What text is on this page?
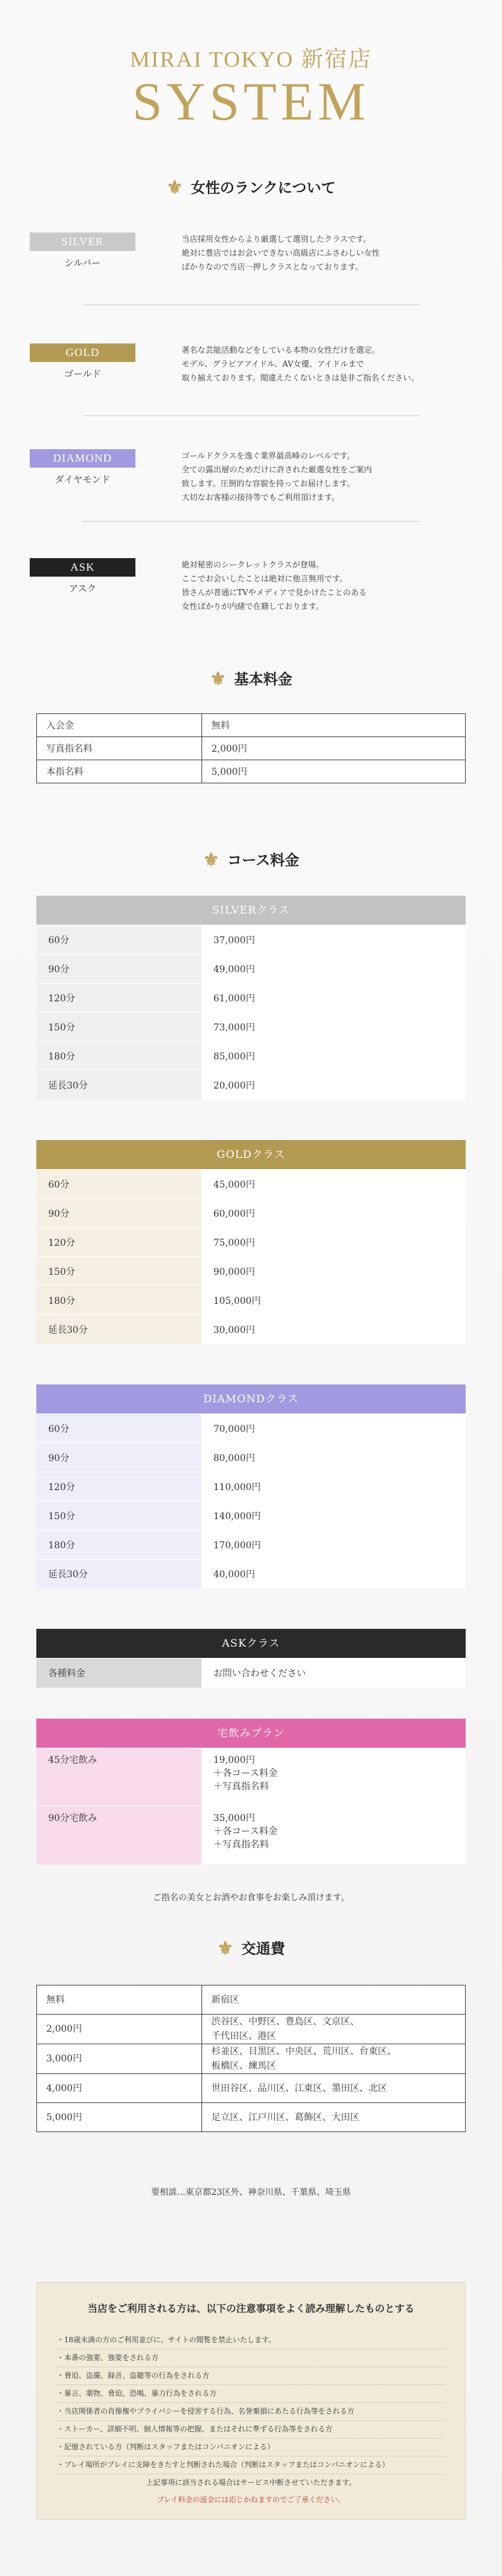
MIRAI TOKYO 新宿店
SYSTEM
⚜ 女性のランクについて
SILVER
シルバー
当店採用女性からより厳選して選別したクラスです。
絶対に豊店ではお会いできない高級店にふさわしい女性
ばかりなので当店一押しクラスとなっております。
GOLD
ゴールド
著名な芸能活動などをしている本物の女性だけを選定。
モデル、グラビアアイドル、AV女優、アイドルまで
取り揃えております。閲違えたくないときは是非ご指名ください。
DIAMOND
ダイヤモンド
ゴールドクラスを逸ぐ業界最高峰のレベルです。
全ての露出層のためだけに許された厳選女性をご案内
致します。圧倒的な容貌を持ってお届けします。
大切なお客様の接待等でもご利用頂けます。
ASK
アスク
絶対秘密のシークレットクラスが登場。
ここでお会いしたことは絶対に他言無用です。
皆さんが普通にTVやメディアで見かけたことのある
女性ばかりが内緒で在籍しております。
⚜ 基本料金
入会金	無料
写真指名料	2,000円
本指名料	5,000円
⚜ コース料金
SILVERクラス
60分	37,000円
90分	49,000円
120分	61,000円
150分	73,000円
180分	85,000円
延長30分	20,000円
GOLDクラス
60分	45,000円
90分	60,000円
120分	75,000円
150分	90,000円
180分	105,000円
延長30分	30,000円
DIAMONDクラス
60分	70,000円
90分	80,000円
120分	110,000円
150分	140,000円
180分	170,000円
延長30分	40,000円
ASKクラス
各種料金	お問い合わせください
宅飲みプラン
45分宅飲み	19,000円
＋各コース料金
＋写真指名料
90分宅飲み	35,000円
＋各コース料金
＋写真指名料
ご指名の美女とお酒やお食事をお楽しみ頂けます。
⚜ 交通費
無料	新宿区
2,000円	渋谷区、中野区、豊島区、文京区、
千代田区、港区
3,000円	杉並区、目黒区、中央区、荒川区、台東区、
板橋区、練馬区
4,000円	世田谷区、品川区、江東区、墨田区、北区
5,000円	足立区、江戸川区、葛飾区、大田区
要相談…東京都23区外、神奈川県、千葉県、埼玉県
当店をご利用される方は、以下の注意事項をよく読み理解したものとする
・18歳未満の方のご利用並びに、サイトの閲覧を禁止いたします。
・本番の強要、強要をされる方
・脅迫、盗撮、録音、盗聴等の行為をされる方
・暴言、薬物、脅迫、恐喝、暴力行為をされる方
・当店関係者の肖像権やプライバシーを侵害する行為、名誉棄損にあたる行為等をされる方
・ストーカー、詳細不明、個人情報等の把握、またはそれに準ずる行為等をされる方
・記憶されている方（判断はスタッフまたはコンパニオンによる）
・プレイ場所がプレイに支障をきたすと判断された場合（判断はスタッフまたはコンパニオンによる）
上記事項に該当される場合はサービス中断させていただきます。
プレイ料金の返金には応じかねますのでご了承ください。
